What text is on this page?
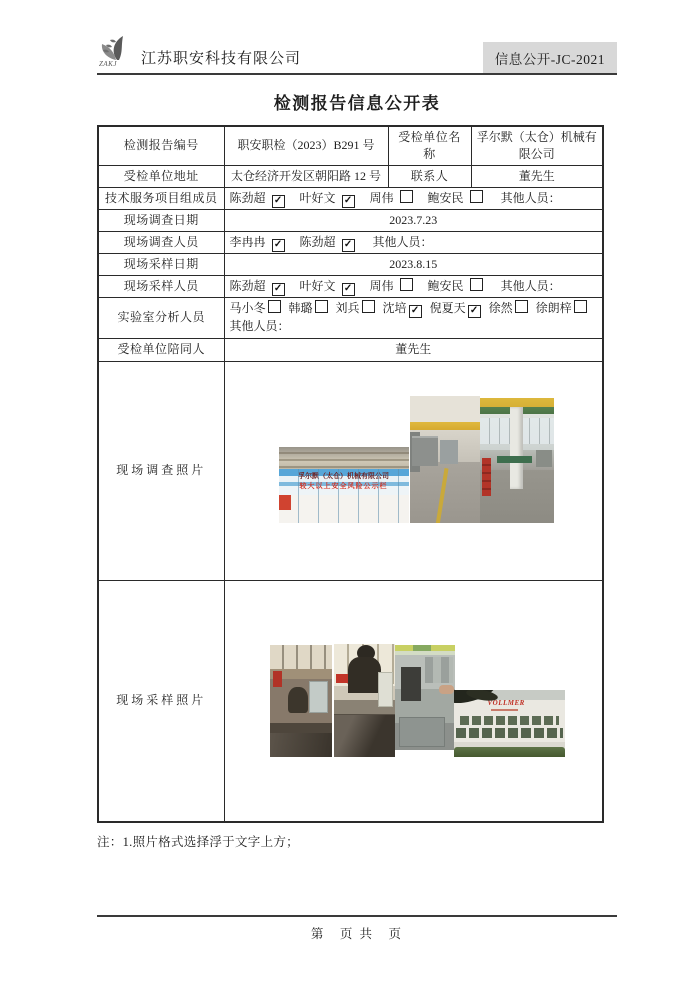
ZAKJ 江苏职安科技有限公司	信息公开-JC-2021
检测报告信息公开表
检测报告编号	职安职检（2023）B291 号	受检单位名称	孚尔默（太仓）机械有限公司
受检单位地址	太仓经济开发区朝阳路 12 号	联系人	董先生
技术服务项目组成员	陈劲超 ✓ 叶好文 ✓ 周伟 鲍安民 其他人员：		
现场调查日期	2023.7.23		
现场调查人员	李冉冉 ✓ 陈劲超 ✓ 其他人员：		
现场采样日期	2023.8.15		
现场采样人员	陈劲超 ✓ 叶好文 ✓ 周伟 鲍安民 其他人员：		
实验室分析人员	马小冬 韩璐 刘兵 沈培 ✓ 倪夏天 ✓ 徐然 徐朗梓
其他人员：		

受检单位陪同人	董先生		
现场调查照片	

现场采样照片	VOLLMER		
注：1.照片格式选择浮于文字上方；
第　页 共　页
